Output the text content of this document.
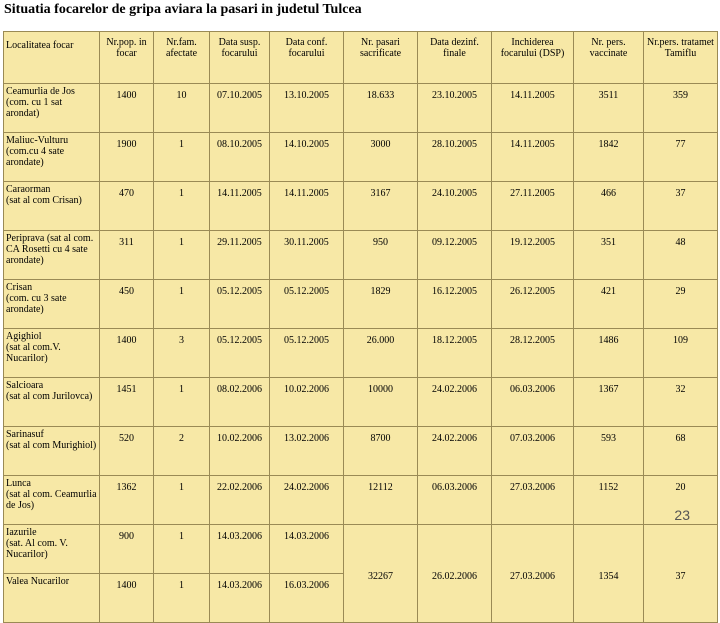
Situatia focarelor de gripa aviara la pasari in judetul Tulcea
Localitatea focar	Nr.pop. in focar	Nr.fam. afectate	Data susp. focarului	Data conf. focarului	Nr. pasari sacrificate	Data dezinf. finale	Inchiderea focarului (DSP)	Nr. pers. vaccinate	Nr.pers. tratamet Tamiflu

Ceamurlia de Jos
(com. cu 1 sat arondat)	1400	10	07.10.2005	13.10.2005	18.633	23.10.2005	14.11.2005	3511	359

Maliuc-Vulturu
(com.cu 4 sate arondate)	1900	1	08.10.2005	14.10.2005	3000	28.10.2005	14.11.2005	1842	77

Caraorman
(sat al com Crisan)	470	1	14.11.2005	14.11.2005	3167	24.10.2005	27.11.2005	466	37
Periprava (sat al com. CA Rosetti cu 4 sate arondate)	311	1	29.11.2005	30.11.2005	950	09.12.2005	19.12.2005	351	48

Crisan
(com. cu 3 sate arondate)	450	1	05.12.2005	05.12.2005	1829	16.12.2005	26.12.2005	421	29

Agighiol
(sat al com.V. Nucarilor)	1400	3	05.12.2005	05.12.2005	26.000	18.12.2005	28.12.2005	1486	109

Salcioara
(sat al com Jurilovca)	1451	1	08.02.2006	10.02.2006	10000	24.02.2006	06.03.2006	1367	32

Sarinasuf
(sat al com Murighiol)	520	2	10.02.2006	13.02.2006	8700	24.02.2006	07.03.2006	593	68

Lunca
(sat al com. Ceamurlia de Jos)	1362	1	22.02.2006	24.02.2006	12112	06.03.2006	27.03.2006	1152	20

Iazurile
(sat. Al com. V. Nucarilor)	900	1	14.03.2006	14.03.2006	32267	26.02.2006	27.03.2006	1354	37

Valea Nucarilor	1400	1	14.03.2006	16.03.2006					
23
